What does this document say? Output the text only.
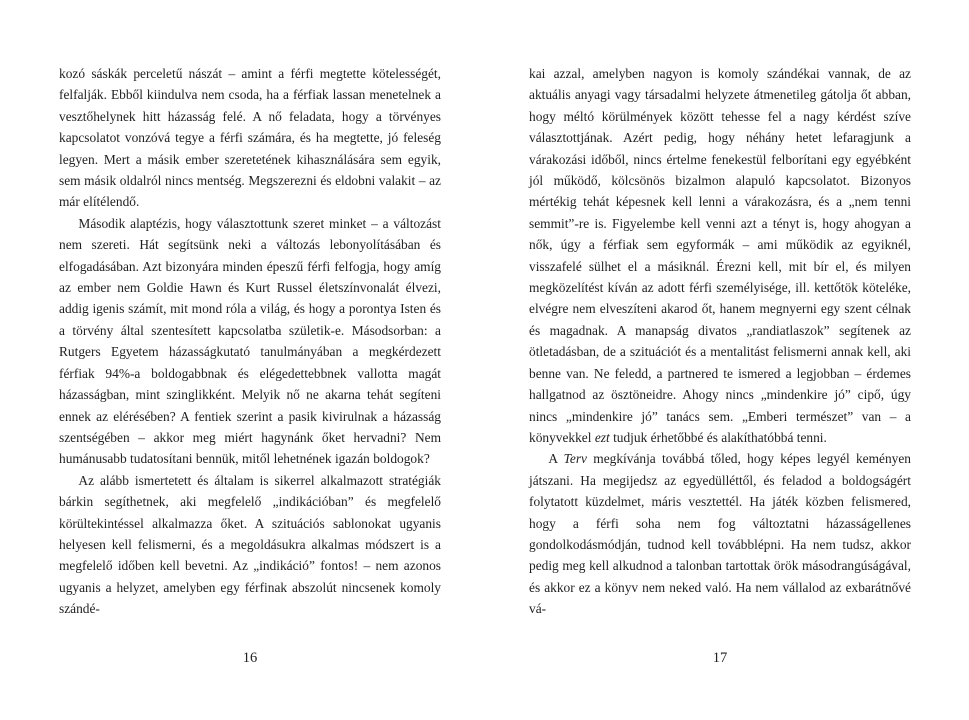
kozó sáskák perceletű nászát – amint a férfi megtette kötelességét, felfalják. Ebből kiindulva nem csoda, ha a férfiak lassan menetelnek a vesztőhelynek hitt házasság felé. A nő feladata, hogy a törvényes kapcsolatot vonzóvá tegye a férfi számára, és ha megtette, jó feleség legyen. Mert a másik ember szeretetének kihasználására sem egyik, sem másik oldalról nincs mentség. Megszerezni és eldobni valakit – az már elítélendő.

Második alaptézis, hogy választottunk szeret minket – a változást nem szereti. Hát segítsünk neki a változás lebonyolításában és elfogadásában. Azt bizonyára minden épeszű férfi felfogja, hogy amíg az ember nem Goldie Hawn és Kurt Russel életszínvonalát élvezi, addig igenis számít, mit mond róla a világ, és hogy a porontya Isten és a törvény által szentesített kapcsolatba születik-e. Másodsorban: a Rutgers Egyetem házasságkutató tanulmányában a megkérdezett férfiak 94%-a boldogabbnak és elégedettebbnek vallotta magát házasságban, mint szinglikként. Melyik nő ne akarna tehát segíteni ennek az elérésében? A fentiek szerint a pasik kivirulnak a házasság szentségében – akkor meg miért hagynánk őket hervadni? Nem humánusabb tudatosítani bennük, mitől lehetnének igazán boldogok?

Az alább ismertetett és általam is sikerrel alkalmazott stratégiák bárkin segíthetnek, aki megfelelő „indikációban” és megfelelő körültekintéssel alkalmazza őket. A szituációs sablonokat ugyanis helyesen kell felismerni, és a megoldásukra alkalmas módszert is a megfelelő időben kell bevetni. Az „indikáció” fontos! – nem azonos ugyanis a helyzet, amelyben egy férfinak abszolút nincsenek komoly szándé-

kai azzal, amelyben nagyon is komoly szándékai vannak, de az aktuális anyagi vagy társadalmi helyzete átmenetileg gátolja őt abban, hogy méltó körülmények között tehesse fel a nagy kérdést szíve választottjának. Azért pedig, hogy néhány hetet lefaragjunk a várakozási időből, nincs értelme fenekestül felborítani egy egyébként jól működő, kölcsönös bizalmon alapuló kapcsolatot. Bizonyos mértékig tehát képesnek kell lenni a várakozásra, és a „nem tenni semmit”-re is. Figyelembe kell venni azt a tényt is, hogy ahogyan a nők, úgy a férfiak sem egyformák – ami működik az egyiknél, visszafelé sülhet el a másiknál. Érezni kell, mit bír el, és milyen megközelítést kíván az adott férfi személyisége, ill. kettőtök köteléke, elvégre nem elveszíteni akarod őt, hanem megnyerni egy szent célnak és magadnak. A manapság divatos „randiatlaszok” segítenek az ötletadásban, de a szituációt és a mentalitást felismerni annak kell, aki benne van. Ne feledd, a partnered te ismered a legjobban – érdemes hallgatnod az ösztöneidre. Ahogy nincs „mindenkire jó” cipő, úgy nincs „mindenkire jó” tanács sem. „Emberi természet” van – a könyvekkel ezt tudjuk érhetőbbé és alakíthatóbbá tenni.

A Terv megkívánja továbbá tőled, hogy képes legyél keményen játszani. Ha megijedsz az egyedülléttől, és feladod a boldogságért folytatott küzdelmet, máris vesztettél. Ha játék közben felismered, hogy a férfi soha nem fog változtatni házasságellenes gondolkodásmódján, tudnod kell továbblépni. Ha nem tudsz, akkor pedig meg kell alkudnod a talonban tartottak örök másodrangúságával, és akkor ez a könyv nem neked való. Ha nem vállalod az exbarátnővé vá-

16	17
